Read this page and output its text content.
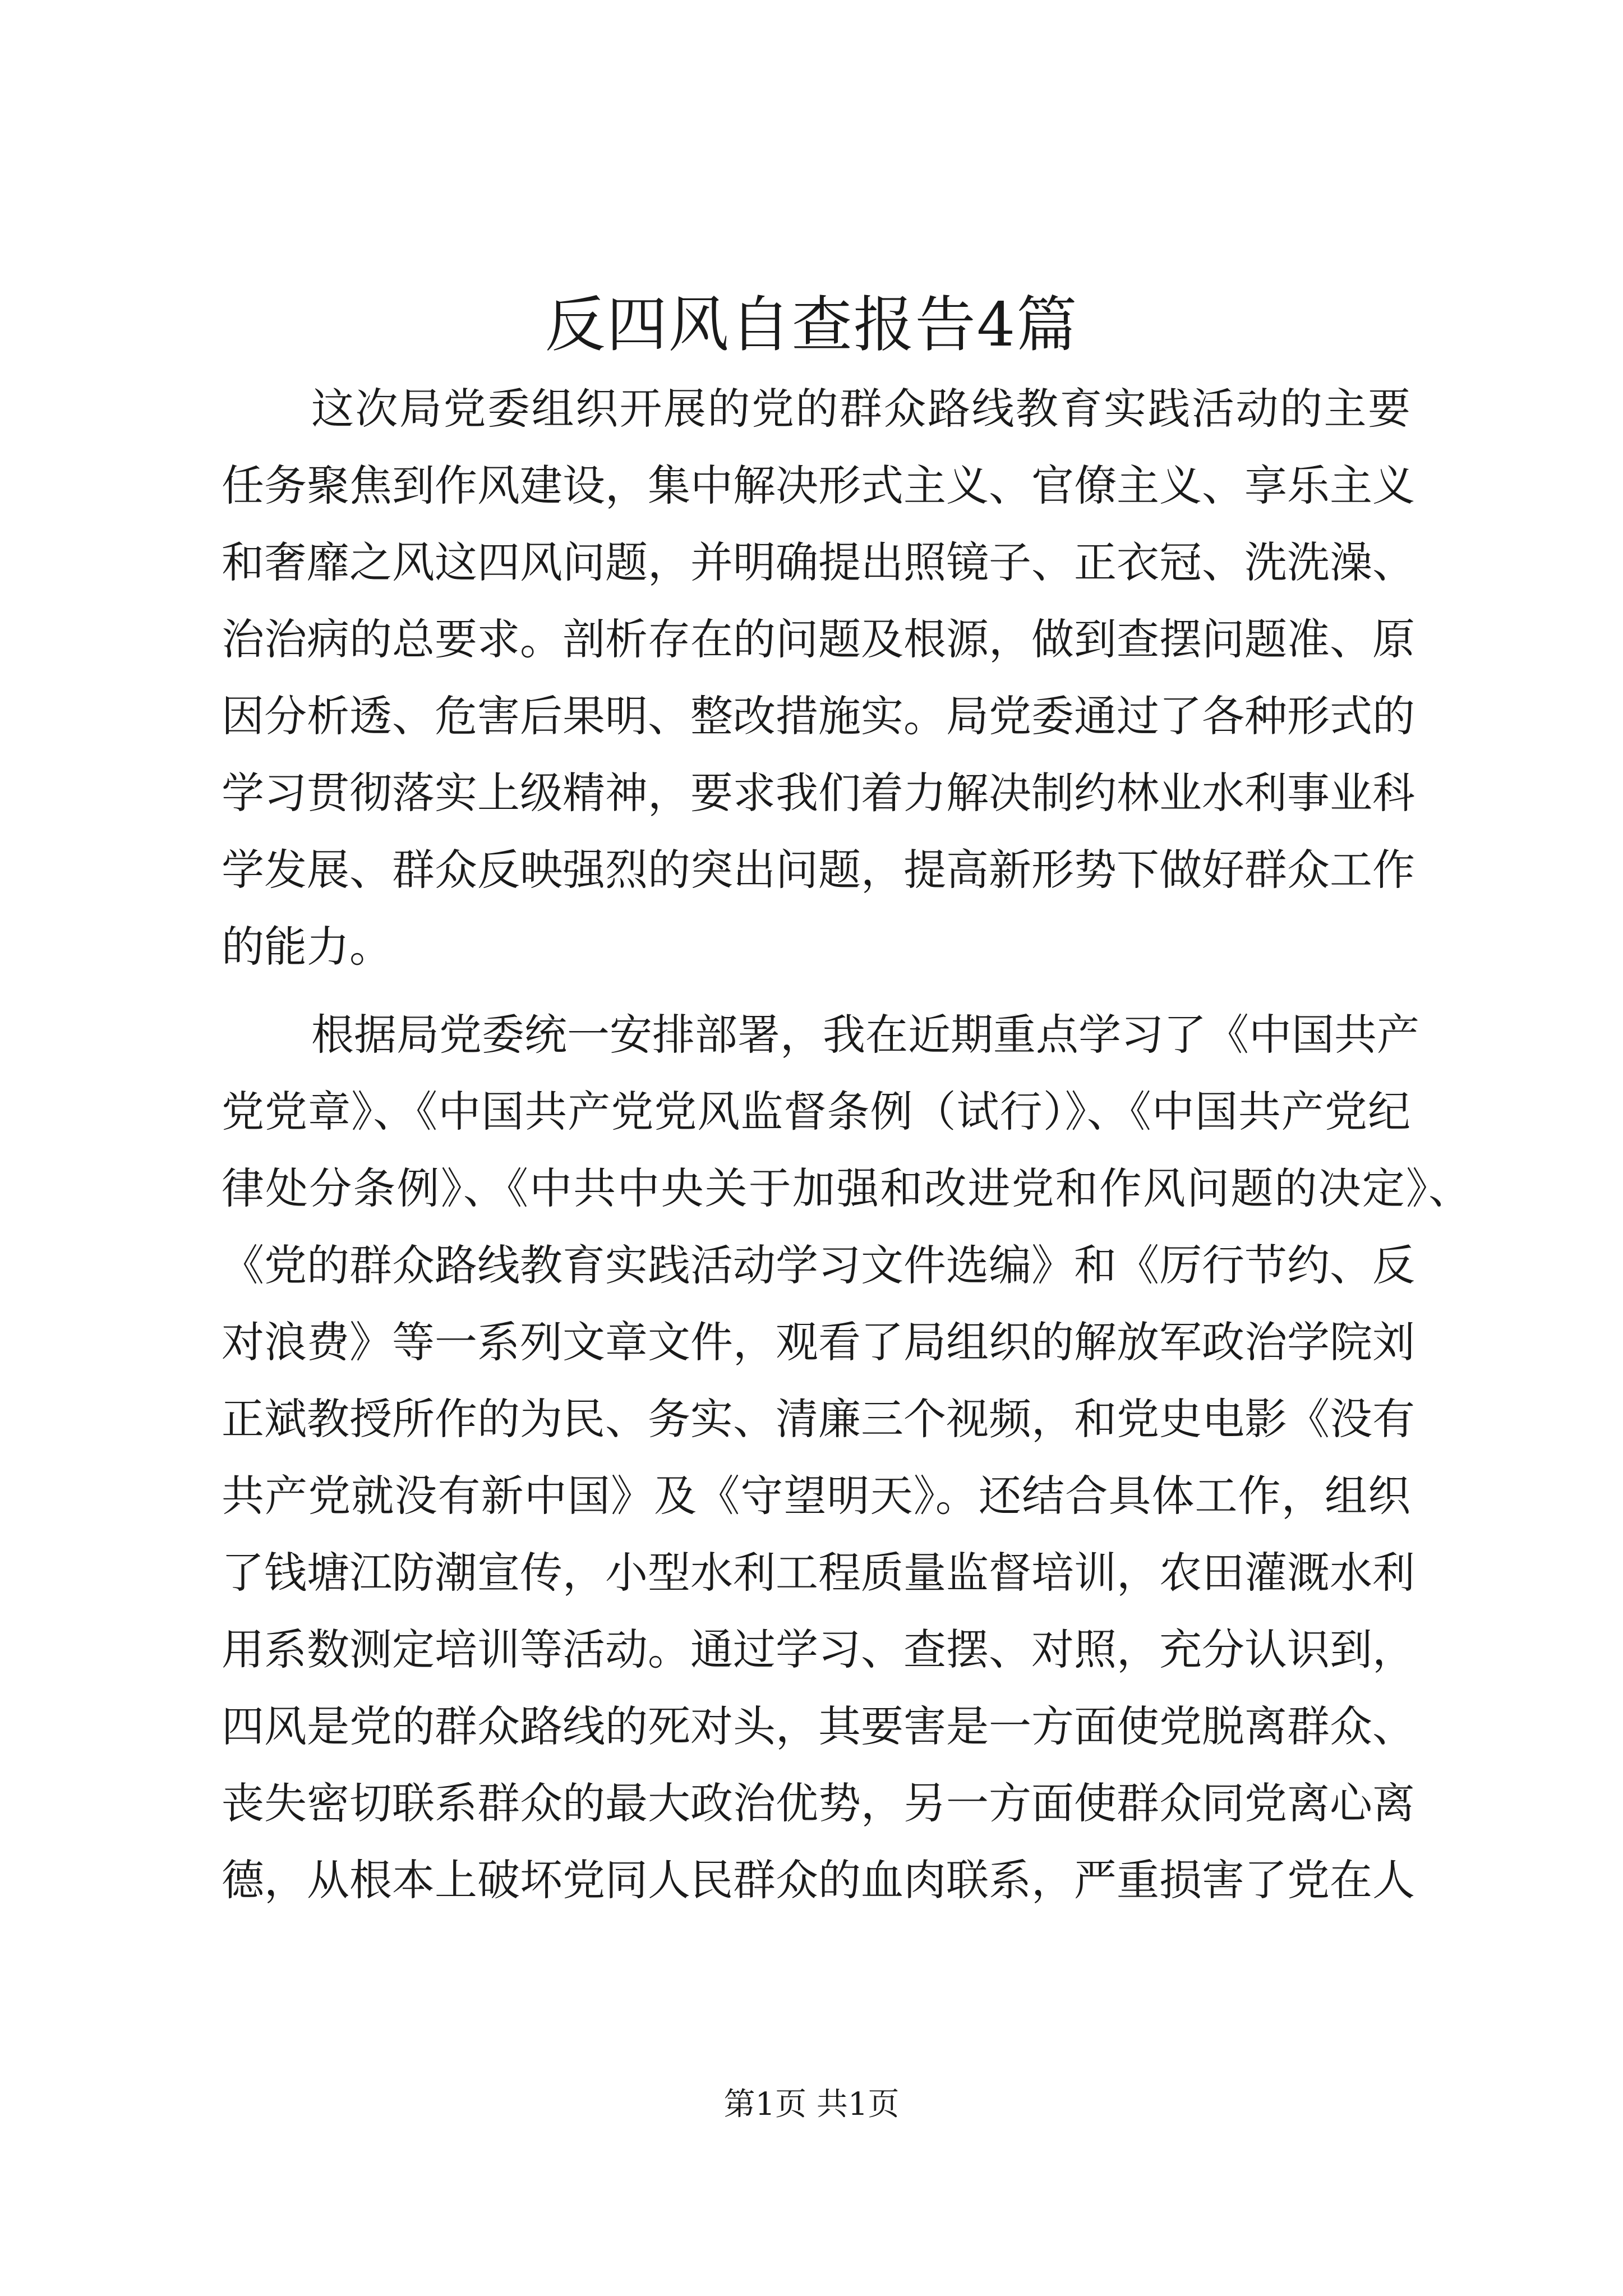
反四风自查报告4篇
这次局党委组织开展的党的群众路线教育实践活动的主要
任务聚焦到作风建设，集中解决形式主义、官僚主义、享乐主义
和奢靡之风这四风问题，并明确提出照镜子、正衣冠、洗洗澡、
治治病的总要求。剖析存在的问题及根源，做到查摆问题准、原
因分析透、危害后果明、整改措施实。局党委通过了各种形式的
学习贯彻落实上级精神，要求我们着力解决制约林业水利事业科
学发展、群众反映强烈的突出问题，提高新形势下做好群众工作
的能力。
根据局党委统一安排部署，我在近期重点学习了《中国共产
党党章》、《中国共产党党风监督条例（试行）》、《中国共产党纪
律处分条例》、《中共中央关于加强和改进党和作风问题的决定》、
《党的群众路线教育实践活动学习文件选编》和《厉行节约、反
对浪费》等一系列文章文件，观看了局组织的解放军政治学院刘
正斌教授所作的为民、务实、清廉三个视频，和党史电影《没有
共产党就没有新中国》及《守望明天》。还结合具体工作，组织
了钱塘江防潮宣传，小型水利工程质量监督培训，农田灌溉水利
用系数测定培训等活动。通过学习、查摆、对照，充分认识到，
四风是党的群众路线的死对头，其要害是一方面使党脱离群众、
丧失密切联系群众的最大政治优势，另一方面使群众同党离心离
德，从根本上破坏党同人民群众的血肉联系，严重损害了党在人
第1页 共1页
